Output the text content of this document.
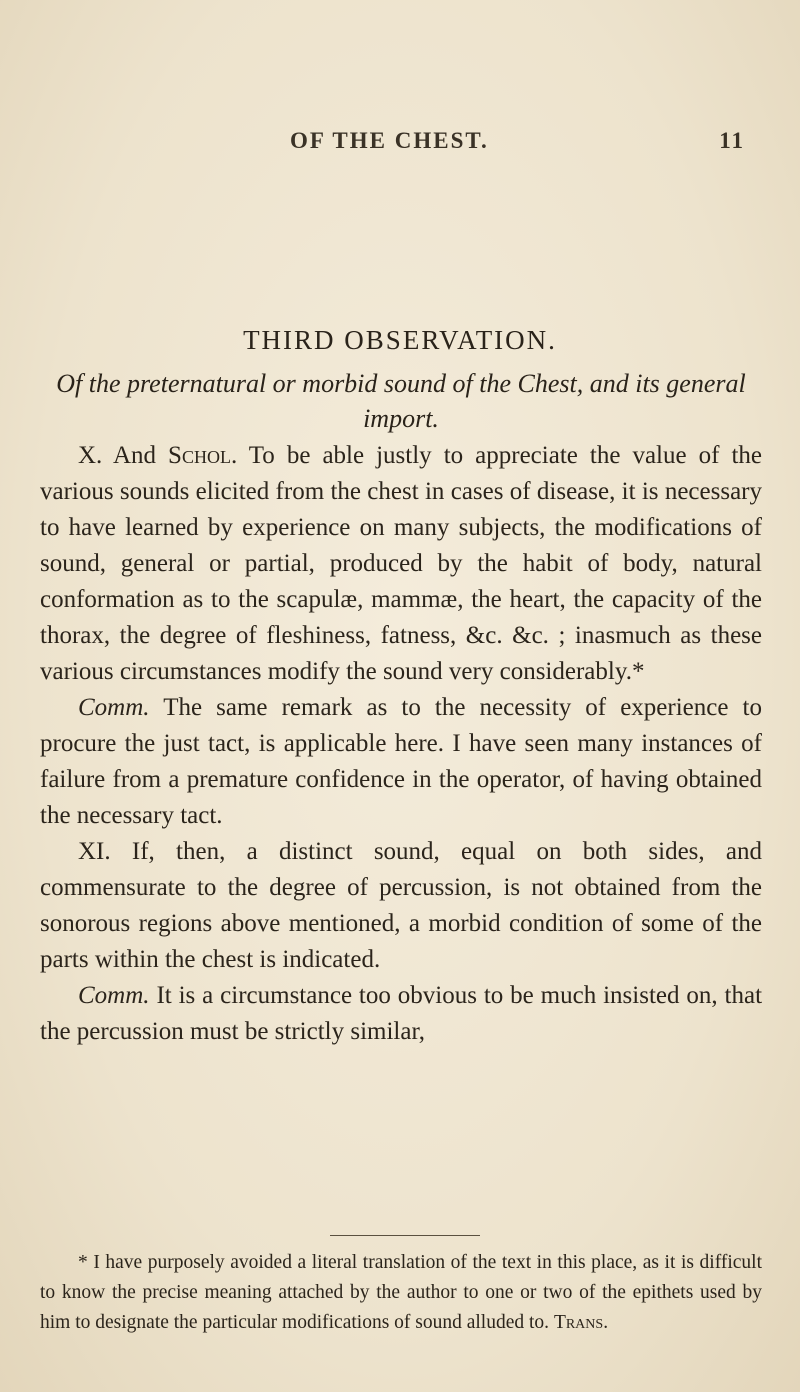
OF THE CHEST.	11
THIRD OBSERVATION.
Of the preternatural or morbid sound of the Chest, and its general import.

X. And Schol. To be able justly to appreciate the value of the various sounds elicited from the chest in cases of disease, it is necessary to have learned by experience on many subjects, the modifications of sound, general or partial, produced by the habit of body, natural conformation as to the scapulæ, mammæ, the heart, the capacity of the thorax, the degree of fleshiness, fatness, &c. &c. ; inasmuch as these various circumstances modify the sound very considerably.*

Comm. The same remark as to the necessity of experience to procure the just tact, is applicable here. I have seen many instances of failure from a premature confidence in the operator, of having obtained the necessary tact.

XI. If, then, a distinct sound, equal on both sides, and commensurate to the degree of percussion, is not obtained from the sonorous regions above mentioned, a morbid condition of some of the parts within the chest is indicated.

Comm. It is a circumstance too obvious to be much insisted on, that the percussion must be strictly similar,

* I have purposely avoided a literal translation of the text in this place, as it is difficult to know the precise meaning attached by the author to one or two of the epithets used by him to designate the particular modifications of sound alluded to. Trans.
